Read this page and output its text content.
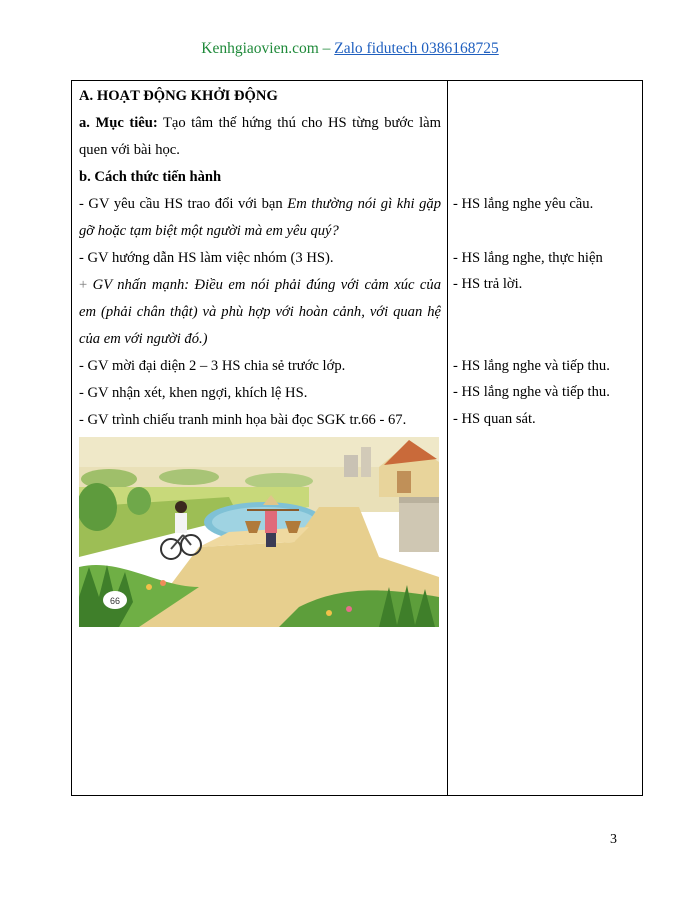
Kenhgiaovien.com – Zalo fidutech 0386168725
A. HOẠT ĐỘNG KHỞI ĐỘNG
a. Mục tiêu: Tạo tâm thế hứng thú cho HS từng bước làm
quen với bài học.
b. Cách thức tiến hành
- GV yêu cầu HS trao đổi với bạn Em thường nói gì khi gặp
gỡ hoặc tạm biệt một người mà em yêu quý?
- GV hướng dẫn HS làm việc nhóm (3 HS).
+ GV nhấn mạnh: Điều em nói phải đúng với cảm xúc của
em (phải chân thật) và phù hợp với hoàn cảnh, với quan hệ
của em với người đó.)
- GV mời đại diện 2 – 3 HS chia sẻ trước lớp.
- GV nhận xét, khen ngợi, khích lệ HS.
- GV trình chiếu tranh minh họa bài đọc SGK tr.66 - 67.
66
- HS lắng nghe yêu cầu.
- HS lắng nghe, thực hiện
- HS trả lời.
- HS lắng nghe và tiếp thu.
- HS lắng nghe và tiếp thu.
- HS quan sát.
3
